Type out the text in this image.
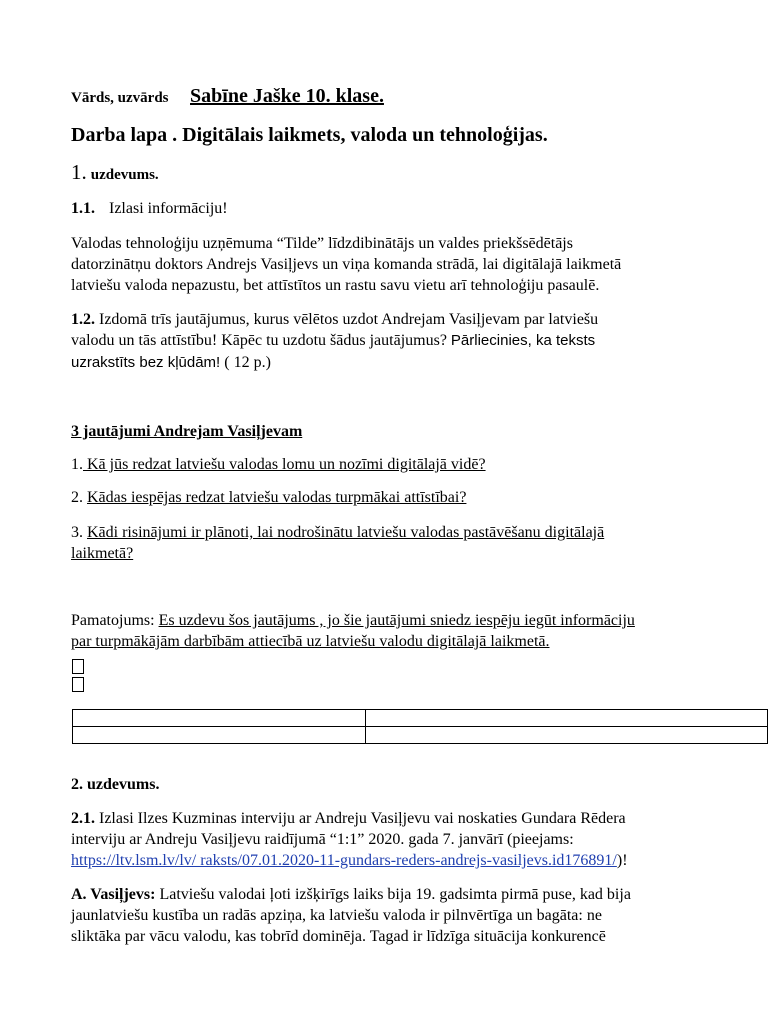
Vārds, uzvārds Sabīne Jaške 10. klase.
Darba lapa . Digitālais laikmets, valoda un tehnoloģijas.
1. uzdevums.
1.1. Izlasi informāciju!
Valodas tehnoloģiju uzņēmuma “Tilde” līdzdibinātājs un valdes priekšsēdētājs
datorzinātņu doktors Andrejs Vasiļjevs un viņa komanda strādā, lai digitālajā laikmetā
latviešu valoda nepazustu, bet attīstītos un rastu savu vietu arī tehnoloģiju pasaulē.
1.2. Izdomā trīs jautājumus, kurus vēlētos uzdot Andrejam Vasiļjevam par latviešu
valodu un tās attīstību! Kāpēc tu uzdotu šādus jautājumus? Pārliecinies, ka teksts
uzrakstīts bez kļūdām! ( 12 p.)
3 jautājumi Andrejam Vasiļjevam
1. Kā jūs redzat latviešu valodas lomu un nozīmi digitālajā vidē?
2. Kādas iespējas redzat latviešu valodas turpmākai attīstībai?
3. Kādi risinājumi ir plānoti, lai nodrošinātu latviešu valodas pastāvēšanu digitālajā
laikmetā?
Pamatojums: Es uzdevu šos jautājums , jo šie jautājumi sniedz iespēju iegūt informāciju
par turpmākājām darbībām attiecībā uz latviešu valodu digitālajā laikmetā.

2. uzdevums.
2.1. Izlasi Ilzes Kuzminas interviju ar Andreju Vasiļjevu vai noskaties Gundara Rēdera
interviju ar Andreju Vasiļjevu raidījumā “1:1” 2020. gada 7. janvārī (pieejams:
https://ltv.lsm.lv/lv/ raksts/07.01.2020-11-gundars-reders-andrejs-vasiljevs.id176891/)!
A. Vasiļjevs: Latviešu valodai ļoti izšķirīgs laiks bija 19. gadsimta pirmā puse, kad bija
jaunlatviešu kustība un radās apziņa, ka latviešu valoda ir pilnvērtīga un bagāta: ne
sliktāka par vācu valodu, kas tobrīd dominēja. Tagad ir līdzīga situācija konkurencē
